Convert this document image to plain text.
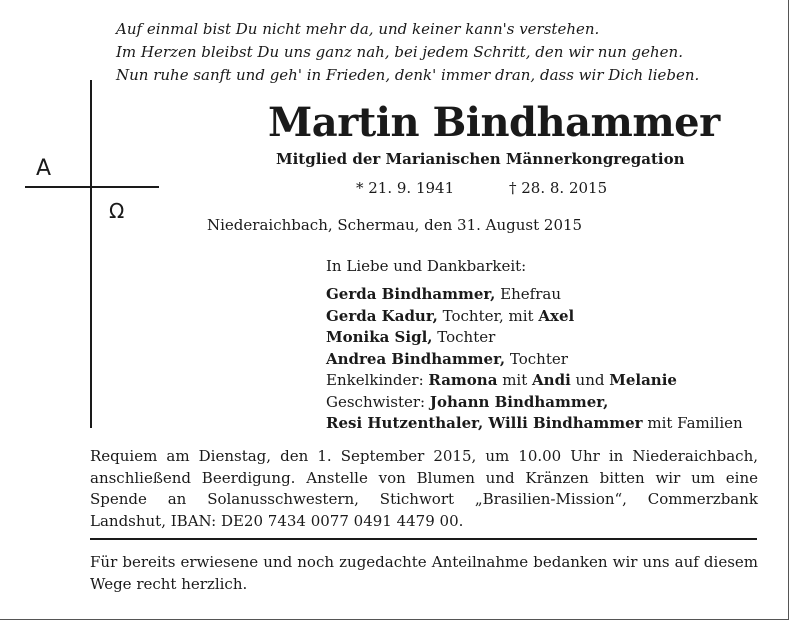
Auf einmal bist Du nicht mehr da, und keiner kann's verstehen.
Im Herzen bleibst Du uns ganz nah, bei jedem Schritt, den wir nun gehen.
Nun ruhe sanft und geh' in Frieden, denk' immer dran, dass wir Dich lieben.
A
Ω
Martin Bindhammer
Mitglied der Marianischen Männerkongregation
* 21. 9. 1941	† 28. 8. 2015
Niederaichbach, Schermau, den 31. August 2015
In Liebe und Dankbarkeit:
Gerda Bindhammer, Ehefrau
Gerda Kadur, Tochter, mit Axel
Monika Sigl, Tochter
Andrea Bindhammer, Tochter
Enkelkinder: Ramona mit Andi und Melanie
Geschwister: Johann Bindhammer,
Resi Hutzenthaler, Willi Bindhammer mit Familien
Requiem am Dienstag, den 1. September 2015, um 10.00 Uhr in Niederaichbach, anschließend Beerdigung. Anstelle von Blumen und Kränzen bitten wir um eine Spende an Solanusschwestern, Stichwort „Brasilien-Mission“, Commerzbank Landshut, IBAN: DE20 7434 0077 0491 4479 00.
Für bereits erwiesene und noch zugedachte Anteilnahme bedanken wir uns auf diesem Wege recht herzlich.
